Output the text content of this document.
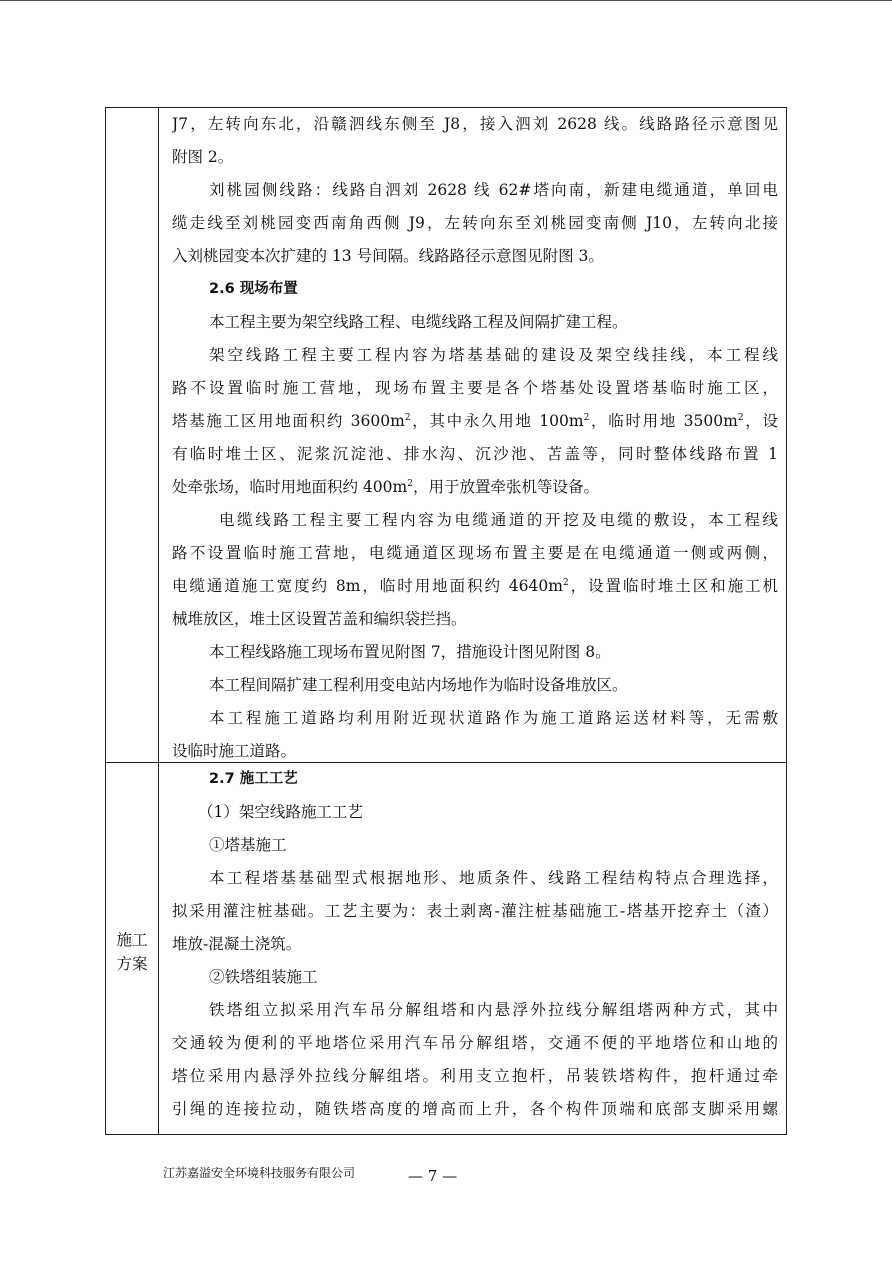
J7，左转向东北，沿赣泗线东侧至 J8，接入泗刘 2628 线。线路路径示意图见
附图 2。
刘桃园侧线路：线路自泗刘 2628 线 62#塔向南，新建电缆通道，单回电
缆走线至刘桃园变西南角西侧 J9，左转向东至刘桃园变南侧 J10，左转向北接
入刘桃园变本次扩建的 13 号间隔。线路路径示意图见附图 3。
2.6 现场布置
本工程主要为架空线路工程、电缆线路工程及间隔扩建工程。
架空线路工程主要工程内容为塔基基础的建设及架空线挂线，本工程线
路不设置临时施工营地，现场布置主要是各个塔基处设置塔基临时施工区，
塔基施工区用地面积约 $3600m^2$，其中永久用地 $100m^2$，临时用地 $3500m^2$，设
有临时堆土区、泥浆沉淀池、排水沟、沉沙池、苫盖等，同时整体线路布置 1
处牵张场，临时用地面积约 $400m^2$，用于放置牵张机等设备。
电缆线路工程主要工程内容为电缆通道的开挖及电缆的敷设，本工程线
路不设置临时施工营地，电缆通道区现场布置主要是在电缆通道一侧或两侧，
电缆通道施工宽度约 8m，临时用地面积约 $4640m^2$，设置临时堆土区和施工机
械堆放区，堆土区设置苫盖和编织袋拦挡。
本工程线路施工现场布置见附图 7，措施设计图见附图 8。
本工程间隔扩建工程利用变电站内场地作为临时设备堆放区。
本工程施工道路均利用附近现状道路作为施工道路运送材料等，无需敷
设临时施工道路。
施工
方案
2.7 施工工艺
（1）架空线路施工工艺
①塔基施工
本工程塔基基础型式根据地形、地质条件、线路工程结构特点合理选择，
拟采用灌注桩基础。工艺主要为：表土剥离-灌注桩基础施工-塔基开挖弃土（渣）
堆放-混凝土浇筑。
②铁塔组装施工
铁塔组立拟采用汽车吊分解组塔和内悬浮外拉线分解组塔两种方式，其中
交通较为便利的平地塔位采用汽车吊分解组塔，交通不便的平地塔位和山地的
塔位采用内悬浮外拉线分解组塔。利用支立抱杆，吊装铁塔构件，抱杆通过牵
引绳的连接拉动，随铁塔高度的增高而上升，各个构件顶端和底部支脚采用螺
江苏嘉溢安全环境科技服务有限公司	— 7 —
